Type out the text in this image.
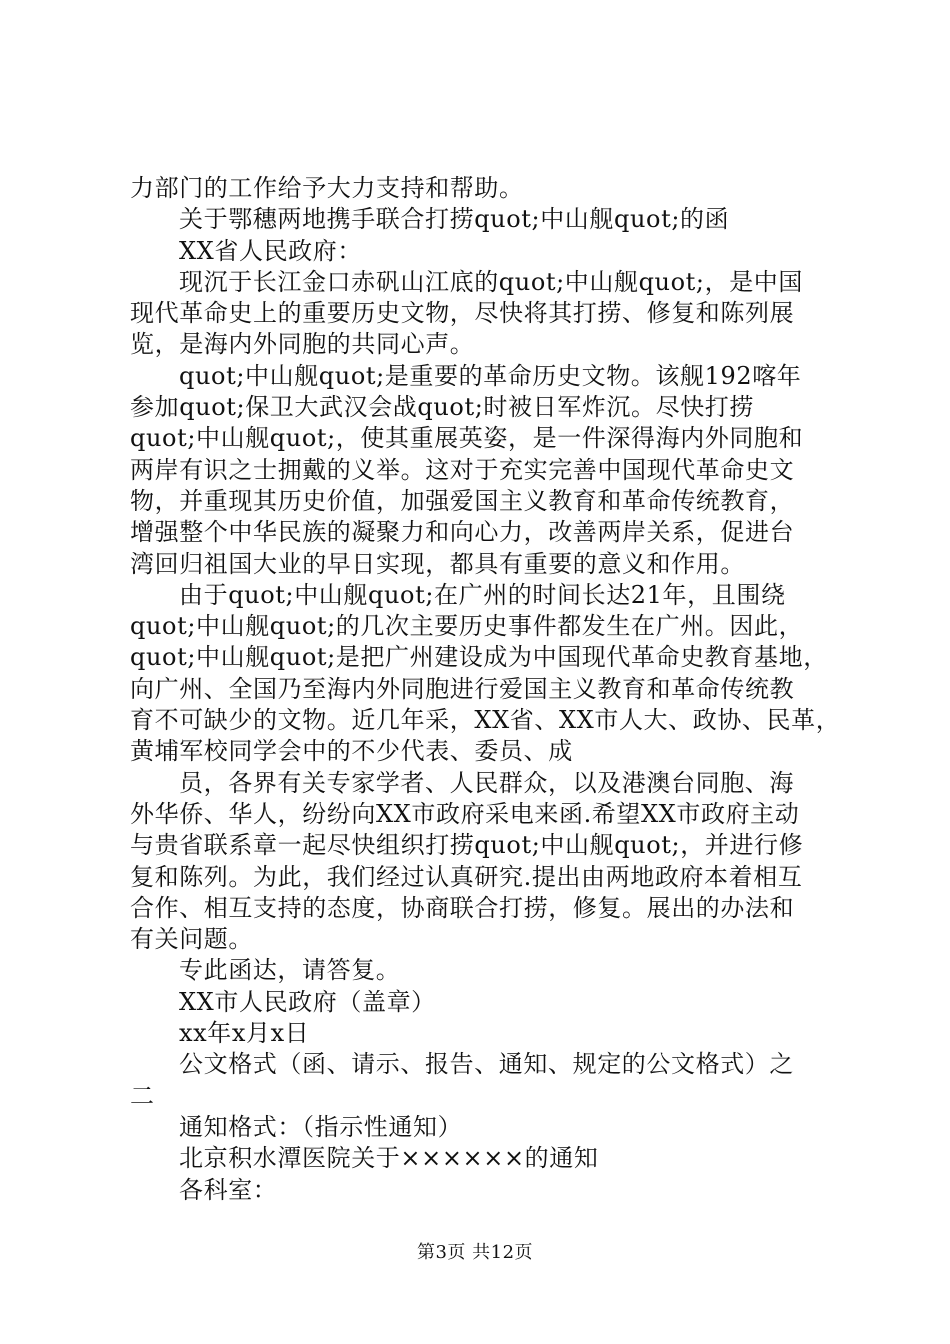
力部门的工作给予大力支持和帮助。
关于鄂穗两地携手联合打捞quot;中山舰quot;的函
XX省人民政府：
现沉于长江金口赤矾山江底的quot;中山舰quot;，是中国
现代革命史上的重要历史文物，尽快将其打捞、修复和陈列展
览，是海内外同胞的共同心声。
quot;中山舰quot;是重要的革命历史文物。该舰192喀年
参加quot;保卫大武汉会战quot;时被日军炸沉。尽快打捞
quot;中山舰quot;，使其重展英姿，是一件深得海内外同胞和
两岸有识之士拥戴的义举。这对于充实完善中国现代革命史文
物，并重现其历史价值，加强爱国主义教育和革命传统教育，
增强整个中华民族的凝聚力和向心力，改善两岸关系，促进台
湾回归祖国大业的早日实现，都具有重要的意义和作用。
由于quot;中山舰quot;在广州的时间长达21年，且围绕
quot;中山舰quot;的几次主要历史事件都发生在广州。因此，
quot;中山舰quot;是把广州建设成为中国现代革命史教育基地，
向广州、全国乃至海内外同胞进行爱国主义教育和革命传统教
育不可缺少的文物。近几年采，XX省、XX市人大、政协、民革，
黄埔军校同学会中的不少代表、委员、成
员，各界有关专家学者、人民群众，以及港澳台同胞、海
外华侨、华人，纷纷向XX市政府采电来函.希望XX市政府主动
与贵省联系章一起尽快组织打捞quot;中山舰quot;，并进行修
复和陈列。为此，我们经过认真研究.提出由两地政府本着相互
合作、相互支持的态度，协商联合打捞，修复。展出的办法和
有关问题。
专此函达，请答复。
XX市人民政府（盖章）
xx年x月x日
公文格式（函、请示、报告、通知、规定的公文格式）之
二
通知格式：（指示性通知）
北京积水潭医院关于××××××的通知
各科室：
第3页 共12页
